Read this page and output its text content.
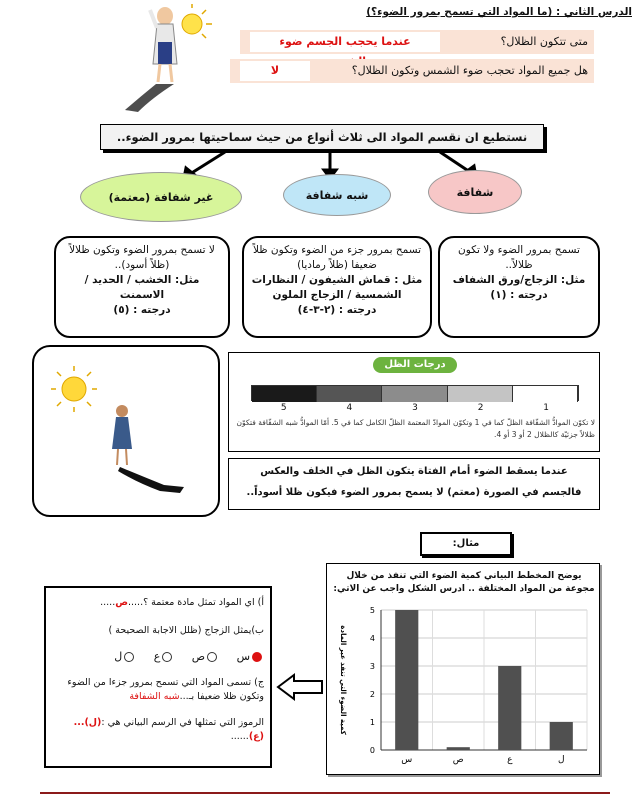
الدرس الثاني : (ما المواد التي تسمح بمرور الضوء؟)
متى تتكون الظلال؟
عندما يحجب الجسم ضوء
هل جميع المواد تحجب ضوء الشمس وتكون الظلال؟
لا
نستطيع ان نقسم المواد الى ثلاث أنواع من حيث سماحيتها بمرور الضوء..
غير شفافة (معتمة)	شبه شفافة	شفافة
لا تسمح بمرور الضوء وتكون ظلالاً (ظلاً أسود)..
مثل: الخشب / الحديد / الاسمنت
درجته : (٥)
تسمح بمرور جزء من الضوء وتكون ظلاً ضعيفا (ظلاً رماديا)
مثل : قماش الشيفون / النظارات الشمسية / الزجاج الملون
درجته : (٢-٣-٤)
تسمح بمرور الضوء ولا تكون ظلالاً..
مثل: الزجاج/ورق الشفاف
درجته : (١)
درجات الظل
5	4	3	2	1
لا تكوّن الموادُّ الشفّافة الظلّ كما في 1 وتكوّن الموادّ المعتمة الظلّ الكامل كما في 5. أمّا الموادُّ شبه الشفّافة فتكوّن ظلالاً جزئيّة كالظلال 2 أو 3 أو 4.
عندما يسقط الضوء أمام الفتاة يتكون الظل في الخلف والعكس
فالجسم في الصورة (معتم) لا يسمح بمرور الضوء فيكون ظلا أسوداً..
مثال:
يوضح المخطط البياني كمية الضوء التي تنفذ من خلال مجوعة من المواد المختلفة .. ادرس الشكل واجب عن الاتي:
5
4
3
2
1
0
س	ص	ع	ل
كمية الضوء التي تنفذ عبر المادة
أ) اي المواد تمثل مادة معتمة ؟.....ص.....
ب)يمثل الزجاج (ظلل الاجابة الصحيحة )
س     ص     ع     ل
ج) تسمى المواد التي تسمح بمرور جزءا من الضوء وتكون ظلا ضعيفا بـ...شبه الشفافة
الرموز التي تمثلها في الرسم البياني هي :(ل)...(ع)......
